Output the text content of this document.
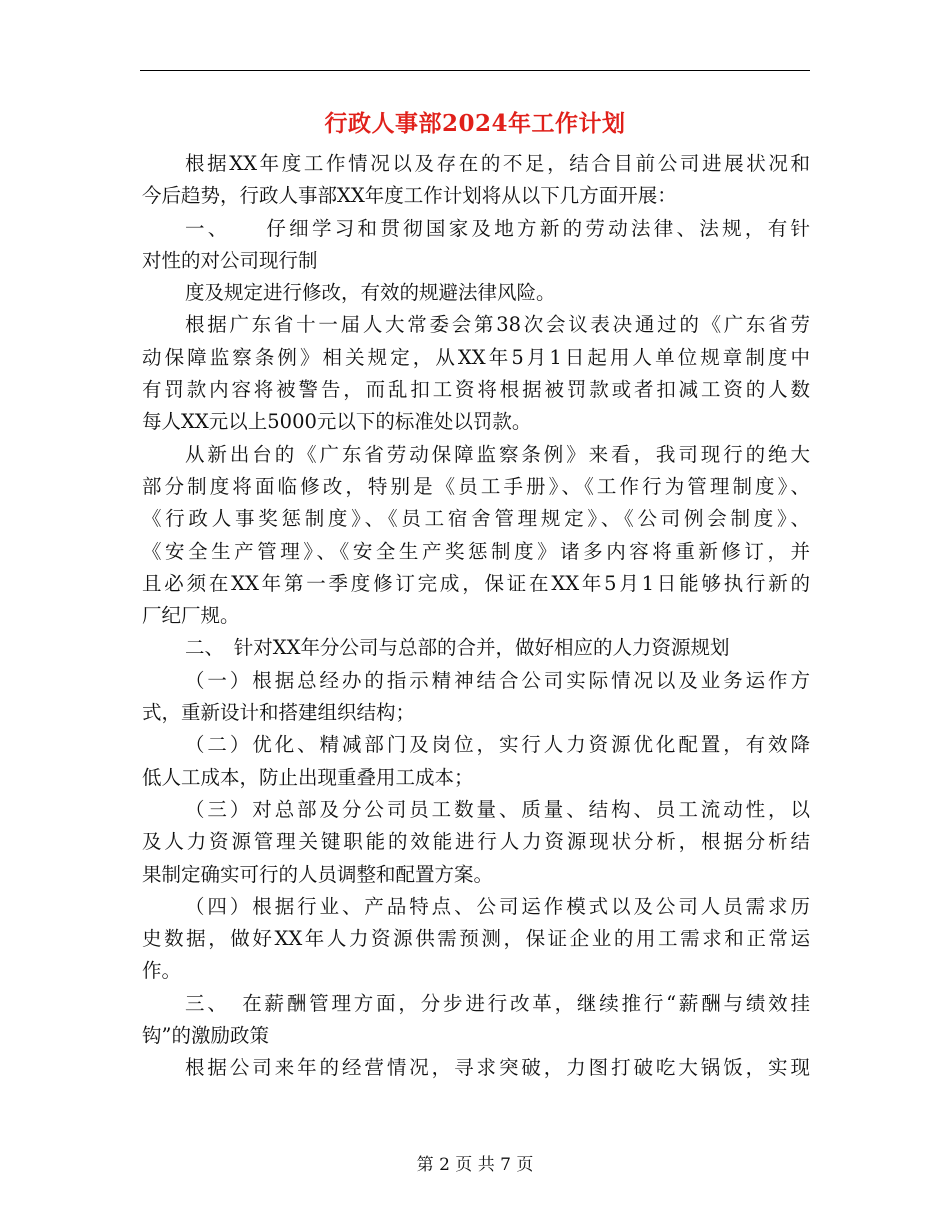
行政人事部2024年工作计划
根据XX年度工作情况以及存在的不足，结合目前公司进展状况和
今后趋势，行政人事部XX年度工作计划将从以下几方面开展：
一、　　仔细学习和贯彻国家及地方新的劳动法律、法规，有针
对性的对公司现行制
度及规定进行修改，有效的规避法律风险。
根据广东省十一届人大常委会第38次会议表决通过的《广东省劳
动保障监察条例》相关规定，从XX年5月1日起用人单位规章制度中
有罚款内容将被警告，而乱扣工资将根据被罚款或者扣减工资的人数
每人XX元以上5000元以下的标准处以罚款。
从新出台的《广东省劳动保障监察条例》来看，我司现行的绝大
部分制度将面临修改，特别是《员工手册》、《工作行为管理制度》、
《行政人事奖惩制度》、《员工宿舍管理规定》、《公司例会制度》、
《安全生产管理》、《安全生产奖惩制度》诸多内容将重新修订，并
且必须在XX年第一季度修订完成，保证在XX年5月1日能够执行新的
厂纪厂规。
二、　针对XX年分公司与总部的合并，做好相应的人力资源规划
（一）根据总经办的指示精神结合公司实际情况以及业务运作方
式，重新设计和搭建组织结构；
（二）优化、精减部门及岗位，实行人力资源优化配置，有效降
低人工成本，防止出现重叠用工成本；
（三）对总部及分公司员工数量、质量、结构、员工流动性，以
及人力资源管理关键职能的效能进行人力资源现状分析，根据分析结
果制定确实可行的人员调整和配置方案。
（四）根据行业、产品特点、公司运作模式以及公司人员需求历
史数据，做好XX年人力资源供需预测，保证企业的用工需求和正常运
作。
三、　在薪酬管理方面，分步进行改革，继续推行“薪酬与绩效挂
钩”的激励政策
根据公司来年的经营情况，寻求突破，力图打破吃大锅饭，实现
第 2 页 共 7 页
